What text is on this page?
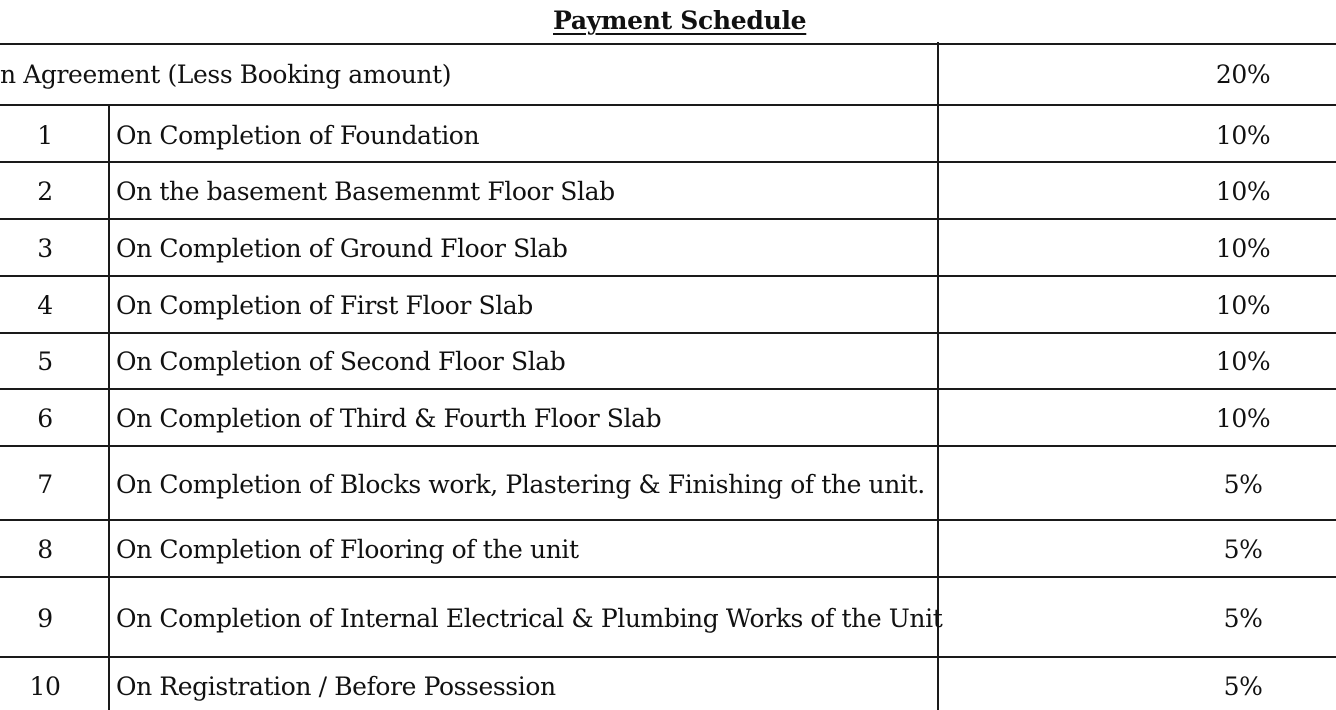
Payment Schedule
n Agreement (Less Booking amount)	20%
1	On Completion of Foundation	10%
2	On the basement Basemenmt Floor Slab	10%
3	On Completion of Ground Floor Slab	10%
4	On Completion of First Floor Slab	10%
5	On Completion of Second Floor Slab	10%
6	On Completion of Third & Fourth Floor Slab	10%
7	On Completion of Blocks work, Plastering & Finishing of the unit.	5%
8	On Completion of Flooring of the unit	5%
9	On Completion of Internal Electrical & Plumbing Works of the Unit	5%
10	On Registration / Before Possession	5%
